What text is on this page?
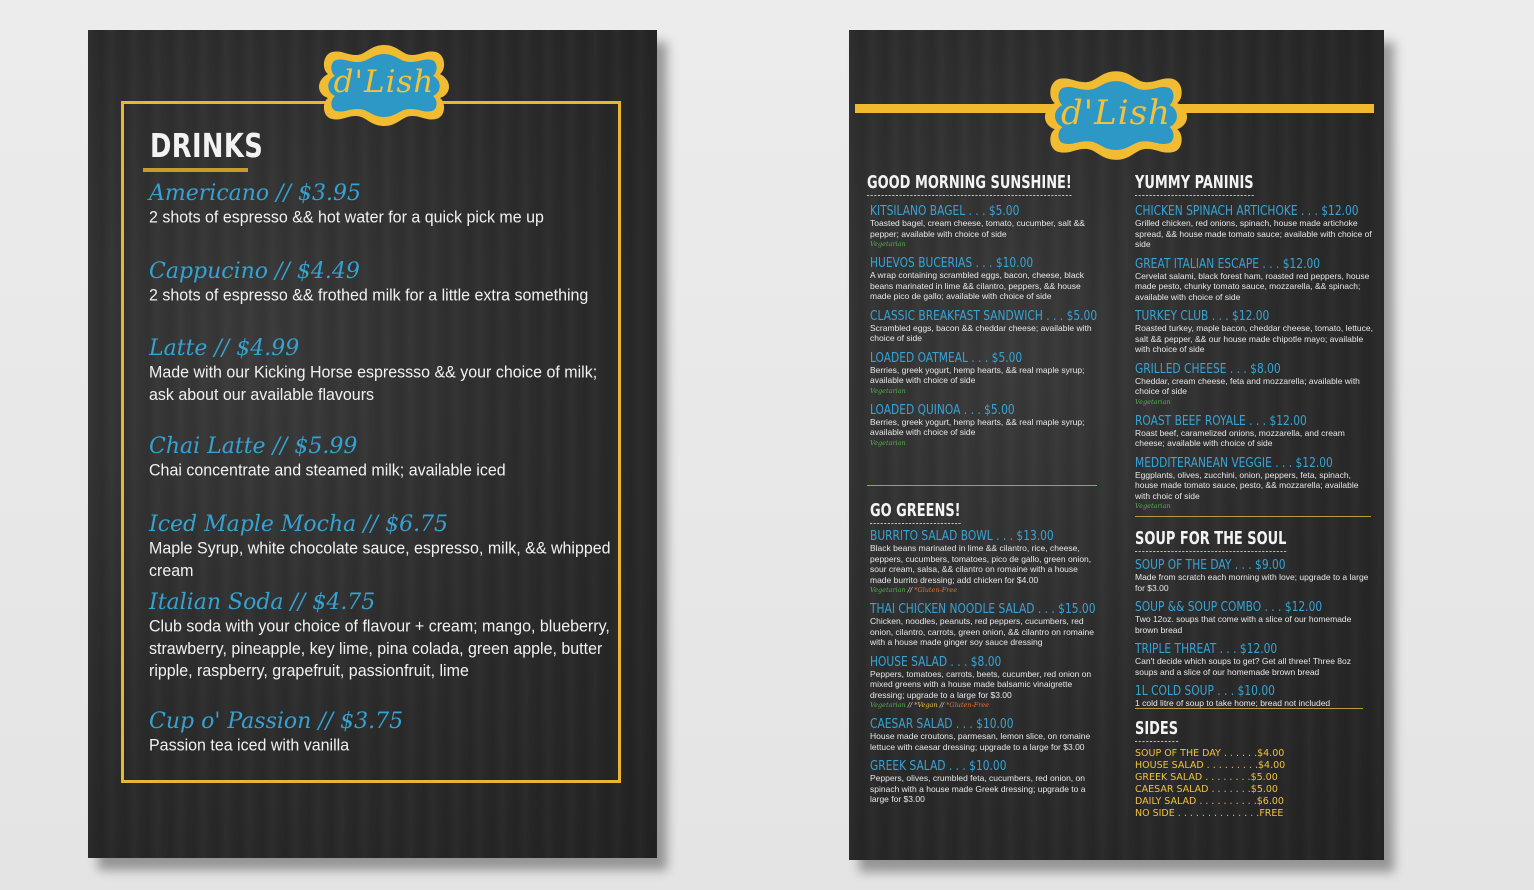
d'Lish
DRINKS
Americano // $3.95
2 shots of espresso && hot water for a quick pick me up
Cappucino // $4.49
2 shots of espresso && frothed milk for a little extra something
Latte // $4.99
Made with our Kicking Horse espressso && your choice of milk; ask about our available flavours
Chai Latte // $5.99
Chai concentrate and steamed milk; available iced
Iced Maple Mocha // $6.75
Maple Syrup, white chocolate sauce, espresso, milk, && whipped cream
Italian Soda // $4.75
Club soda with your choice of flavour + cream; mango, blueberry, strawberry, pineapple, key lime, pina colada, green apple, butter ripple, raspberry, grapefruit, passionfruit, lime
Cup o' Passion // $3.75
Passion tea iced with vanilla
d'Lish
GOOD MORNING SUNSHINE!
KITSILANO BAGEL . . . $5.00
Toasted bagel, cream cheese, tomato, cucumber, salt && pepper; available with choice of side
Vegetarian
HUEVOS BUCERIAS . . . $10.00
A wrap containing scrambled eggs, bacon, cheese, black beans marinated in lime && cilantro, peppers, && house made pico de gallo; available with choice of side
CLASSIC BREAKFAST SANDWICH . . . $5.00
Scrambled eggs, bacon && cheddar cheese; available with choice of side
LOADED OATMEAL . . . $5.00
Berries, greek yogurt, hemp hearts, && real maple syrup; available with choice of side
Vegetarian
LOADED QUINOA . . . $5.00
Berries, greek yogurt, hemp hearts, && real maple syrup; available with choice of side
Vegetarian
GO GREENS!
BURRITO SALAD BOWL . . . $13.00
Black beans marinated in lime && cilantro, rice, cheese, peppers, cucumbers, tomatoes, pico de gallo, green onion, sour cream, salsa, && cilantro on romaine with a house made burrito dressing; add chicken for $4.00
Vegetarian // *Gluten-Free
THAI CHICKEN NOODLE SALAD . . . $15.00
Chicken, noodles, peanuts, red peppers, cucumbers, red onion, cilantro, carrots, green onion, && cilantro on romaine with a house made ginger soy sauce dressing
HOUSE SALAD . . . $8.00
Peppers, tomatoes, carrots, beets, cucumber, red onion on mixed greens with a house made balsamic vinaigrette dressing; upgrade to a large for $3.00
Vegetarian // *Vegan // *Gluten-Free
CAESAR SALAD . . . $10.00
House made croutons, parmesan, lemon slice, on romaine lettuce with caesar dressing; upgrade to a large for $3.00
GREEK SALAD . . . $10.00
Peppers, olives, crumbled feta, cucumbers, red onion, on spinach with a house made Greek dressing; upgrade to a large for $3.00
YUMMY PANINIS
CHICKEN SPINACH ARTICHOKE . . . $12.00
Grilled chicken, red onions, spinach, house made artichoke spread, && house made tomato sauce; available with choice of side
GREAT ITALIAN ESCAPE . . . $12.00
Cervelat salami, black forest ham, roasted red peppers, house made pesto, chunky tomato sauce, mozzarella, && spinach; available with choice of side
TURKEY CLUB . . . $12.00
Roasted turkey, maple bacon, cheddar cheese, tomato, lettuce, salt && pepper, && our house made chipotle mayo; available with choice of side
GRILLED CHEESE . . . $8.00
Cheddar, cream cheese, feta and mozzarella; available with choice of side
Vegetarian
ROAST BEEF ROYALE . . . $12.00
Roast beef, caramelized onions, mozzarella, and cream cheese; available with choice of side
MEDDITERANEAN VEGGIE . . . $12.00
Eggplants, olives, zucchini, onion, peppers, feta, spinach, house made tomato sauce, pesto, && mozzarella; available with choic of side
Vegetarian
SOUP FOR THE SOUL
SOUP OF THE DAY . . . $9.00
Made from scratch each morning with love; upgrade to a large for $3.00
SOUP && SOUP COMBO . . . $12.00
Two 12oz. soups that come with a slice of our homemade brown bread
TRIPLE THREAT . . . $12.00
Can't decide which soups to get? Get all three! Three 8oz soups and a slice of our homemade brown bread
1L COLD SOUP . . . $10.00
1 cold litre of soup to take home; bread not included
SIDES
SOUP OF THE DAY . . . . . . $4.00
HOUSE SALAD . . . . . . . . . $4.00
GREEK SALAD . . . . . . . . $5.00
CAESAR SALAD . . . . . . . $5.00
DAILY SALAD . . . . . . . . . . $6.00
NO SIDE . . . . . . . . . . . . . . FREE
